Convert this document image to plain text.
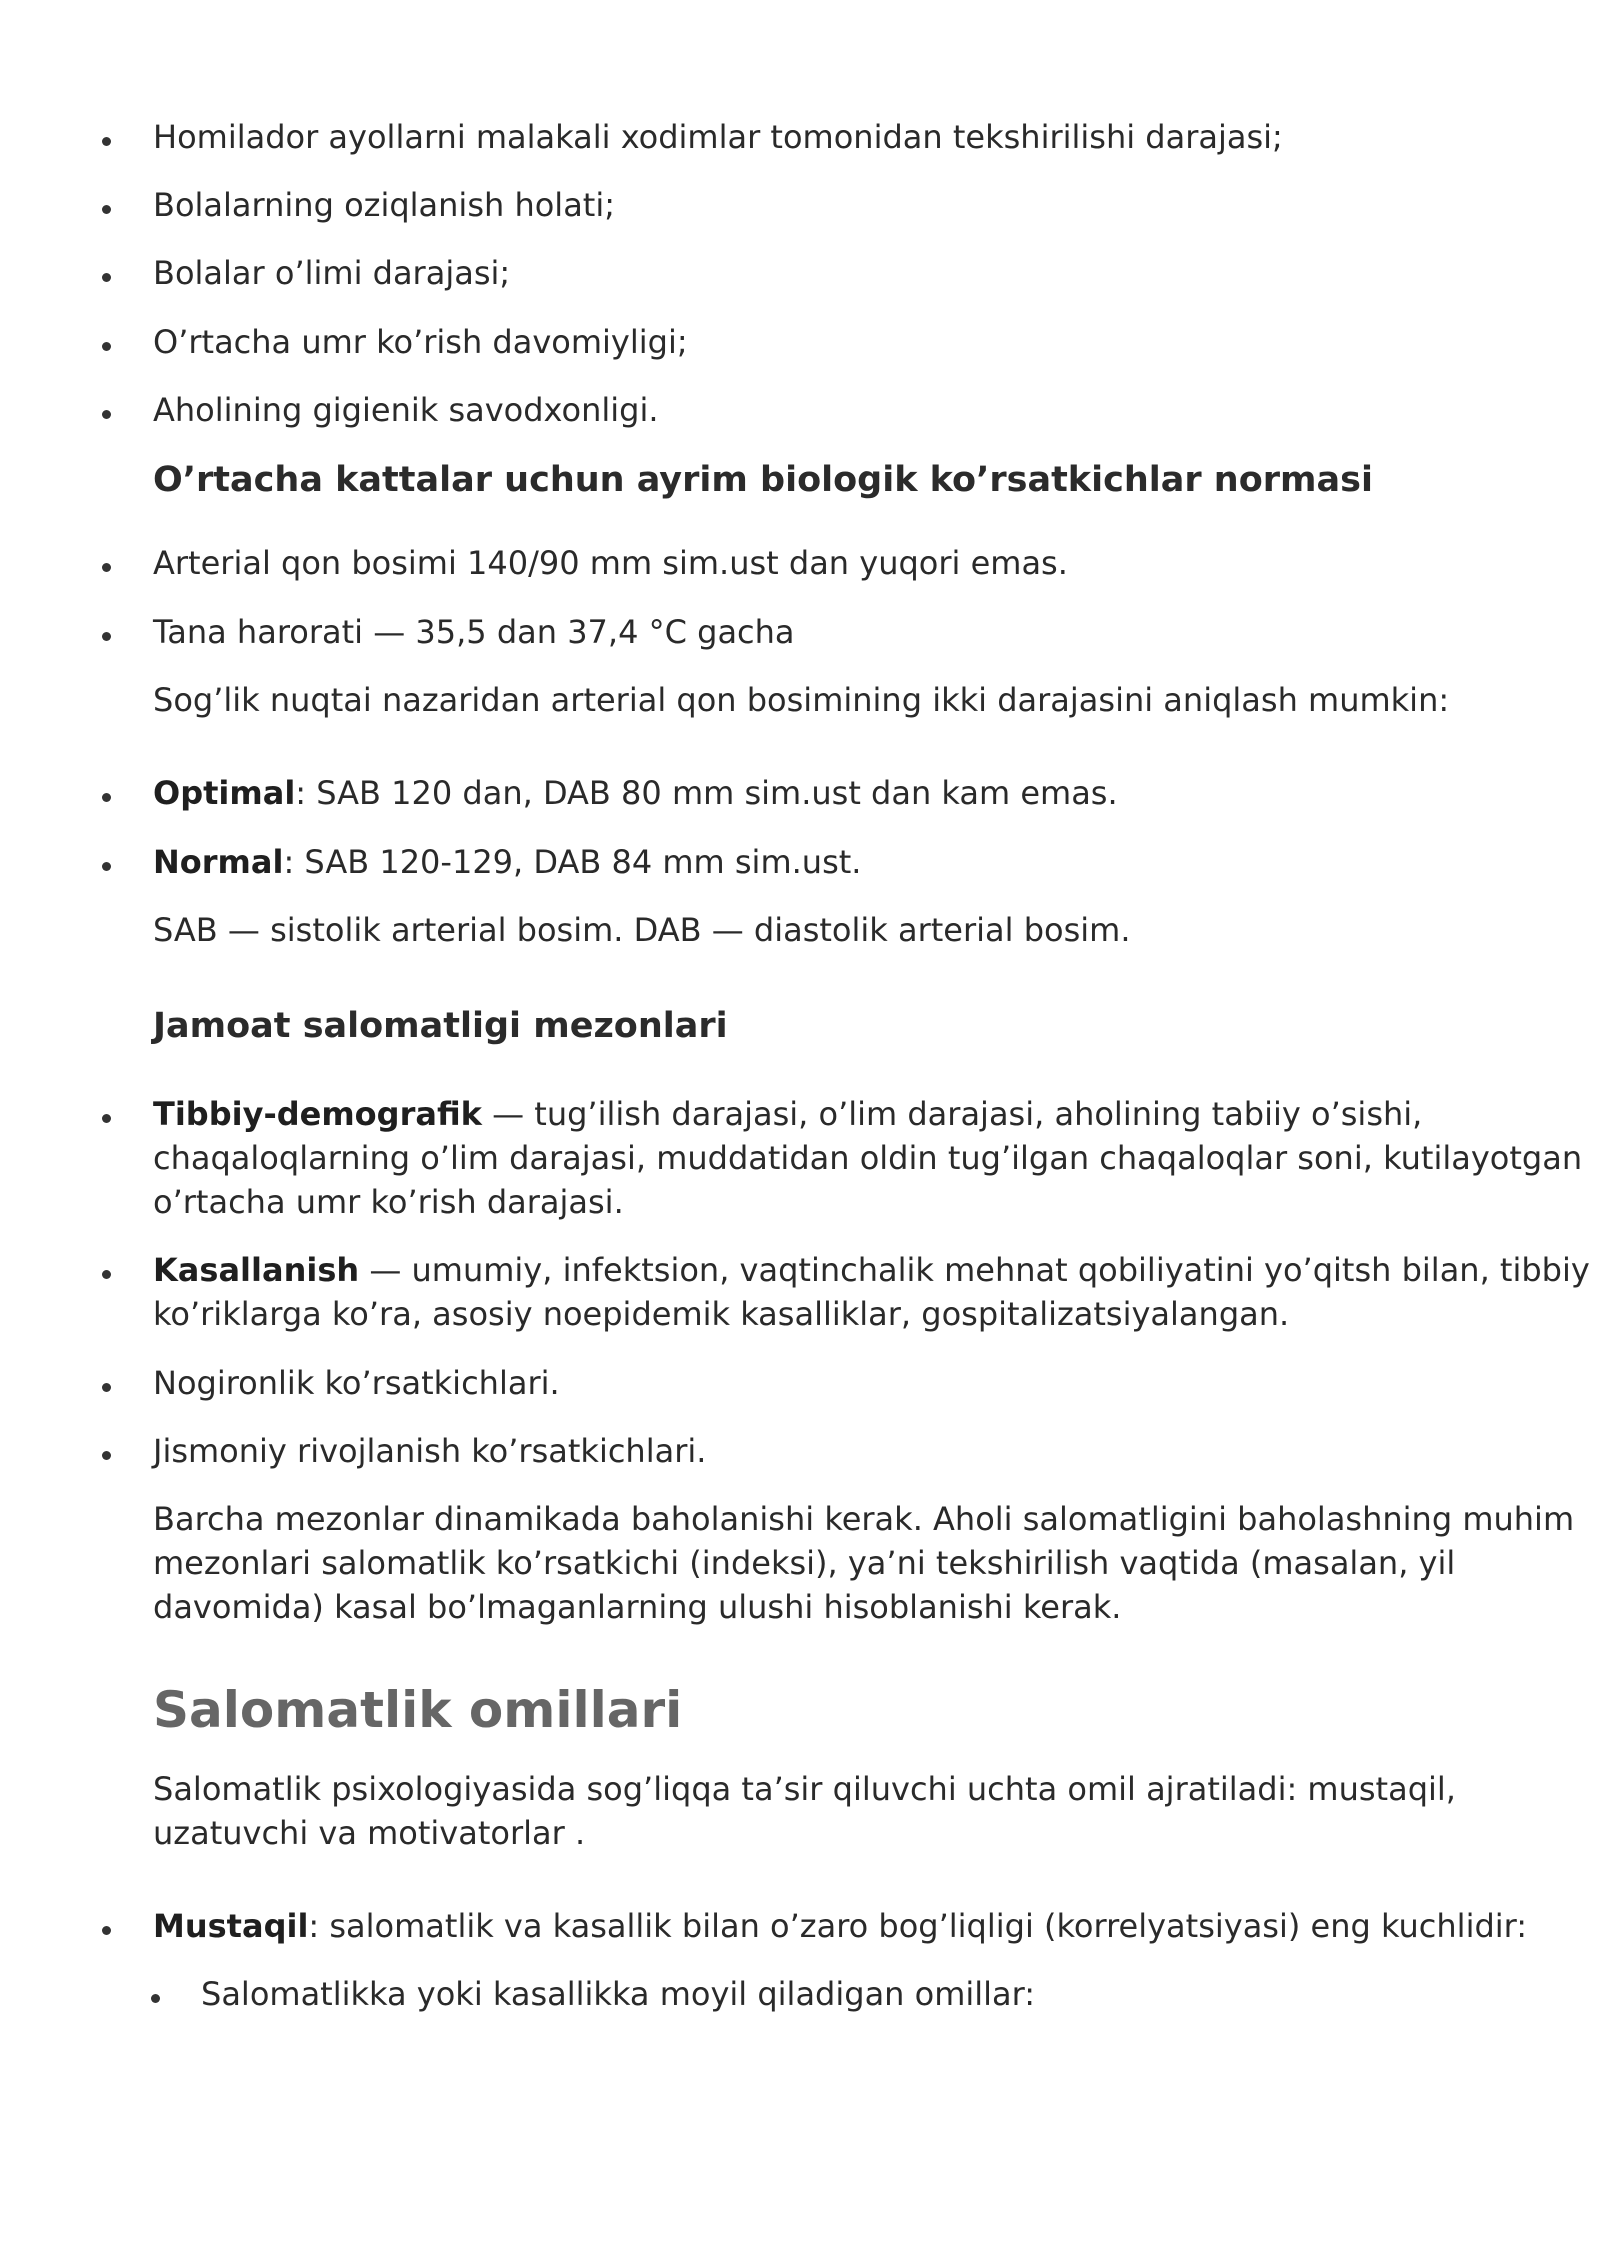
Homilador ayollarni malakali xodimlar tomonidan tekshirilishi darajasi;
Bolalarning oziqlanish holati;
Bolalar o’limi darajasi;
O’rtacha umr ko’rish davomiyligi;
Aholining gigienik savodxonligi.
O’rtacha kattalar uchun ayrim biologik ko’rsatkichlar normasi
Arterial qon bosimi 140/90 mm sim.ust dan yuqori emas.
Tana harorati — 35,5 dan 37,4 °C gacha
Sog’lik nuqtai nazaridan arterial qon bosimining ikki darajasini aniqlash mumkin:
Optimal: SAB 120 dan, DAB 80 mm sim.ust dan kam emas.
Normal: SAB 120-129, DAB 84 mm sim.ust.
SAB — sistolik arterial bosim. DAB — diastolik arterial bosim.
Jamoat salomatligi mezonlari
Tibbiy-demografik — tug’ilish darajasi, o’lim darajasi, aholining tabiiy o’sishi,
chaqaloqlarning o’lim darajasi, muddatidan oldin tug’ilgan chaqaloqlar soni, kutilayotgan
o’rtacha umr ko’rish darajasi.
Kasallanish — umumiy, infektsion, vaqtinchalik mehnat qobiliyatini yo’qitsh bilan, tibbiy
ko’riklarga ko’ra, asosiy noepidemik kasalliklar, gospitalizatsiyalangan.
Nogironlik ko’rsatkichlari.
Jismoniy rivojlanish ko’rsatkichlari.
Barcha mezonlar dinamikada baholanishi kerak. Aholi salomatligini baholashning muhim
mezonlari salomatlik ko’rsatkichi (indeksi), ya’ni tekshirilish vaqtida (masalan, yil
davomida) kasal bo’lmaganlarning ulushi hisoblanishi kerak.
Salomatlik omillari
Salomatlik psixologiyasida sog’liqqa ta’sir qiluvchi uchta omil ajratiladi: mustaqil,
uzatuvchi va motivatorlar .
Mustaqil: salomatlik va kasallik bilan o’zaro bog’liqligi (korrelyatsiyasi) eng kuchlidir:
Salomatlikka yoki kasallikka moyil qiladigan omillar:
